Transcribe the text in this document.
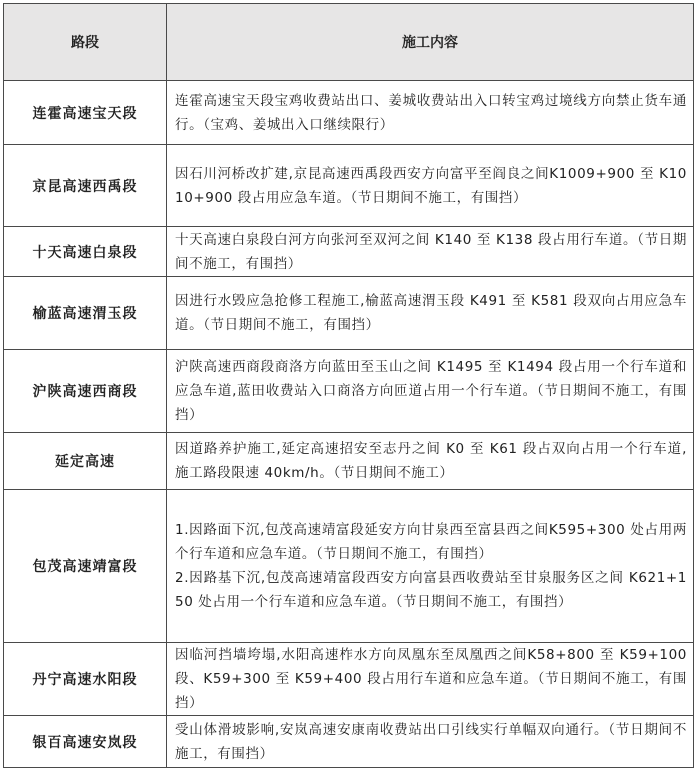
路段	施工内容
连霍高速宝天段	连霍高速宝天段宝鸡收费站出口、姜城收费站出入口转宝鸡过境线方向禁止货车通行。（宝鸡、姜城出入口继续限行）

京昆高速西禹段	因石川河桥改扩建,京昆高速西禹段西安方向富平至阎良之间K1009+900 至 K1010+900 段占用应急车道。（节日期间不施工，有围挡）

十天高速白泉段	十天高速白泉段白河方向张河至双河之间 K140 至 K138 段占用行车道。（节日期间不施工，有围挡）

榆蓝高速渭玉段	因进行水毁应急抢修工程施工,榆蓝高速渭玉段 K491 至 K581 段双向占用应急车道。（节日期间不施工，有围挡）

沪陕高速西商段	沪陕高速西商段商洛方向蓝田至玉山之间 K1495 至 K1494 段占用一个行车道和应急车道,蓝田收费站入口商洛方向匝道占用一个行车道。（节日期间不施工，有围挡）

延定高速	因道路养护施工,延定高速招安至志丹之间 K0 至 K61 段占双向占用一个行车道,施工路段限速 40km/h。（节日期间不施工）

包茂高速靖富段	1.因路面下沉,包茂高速靖富段延安方向甘泉西至富县西之间K595+300 处占用两个行车道和应急车道。（节日期间不施工，有围挡）
2.因路基下沉,包茂高速靖富段西安方向富县西收费站至甘泉服务区之间 K621+150 处占用一个行车道和应急车道。（节日期间不施工，有围挡）

丹宁高速水阳段	因临河挡墙垮塌,水阳高速柞水方向凤凰东至凤凰西之间K58+800 至 K59+100 段、K59+300 至 K59+400 段占用行车道和应急车道。（节日期间不施工，有围挡）

银百高速安岚段	受山体滑坡影响,安岚高速安康南收费站出口引线实行单幅双向通行。（节日期间不施工，有围挡）
